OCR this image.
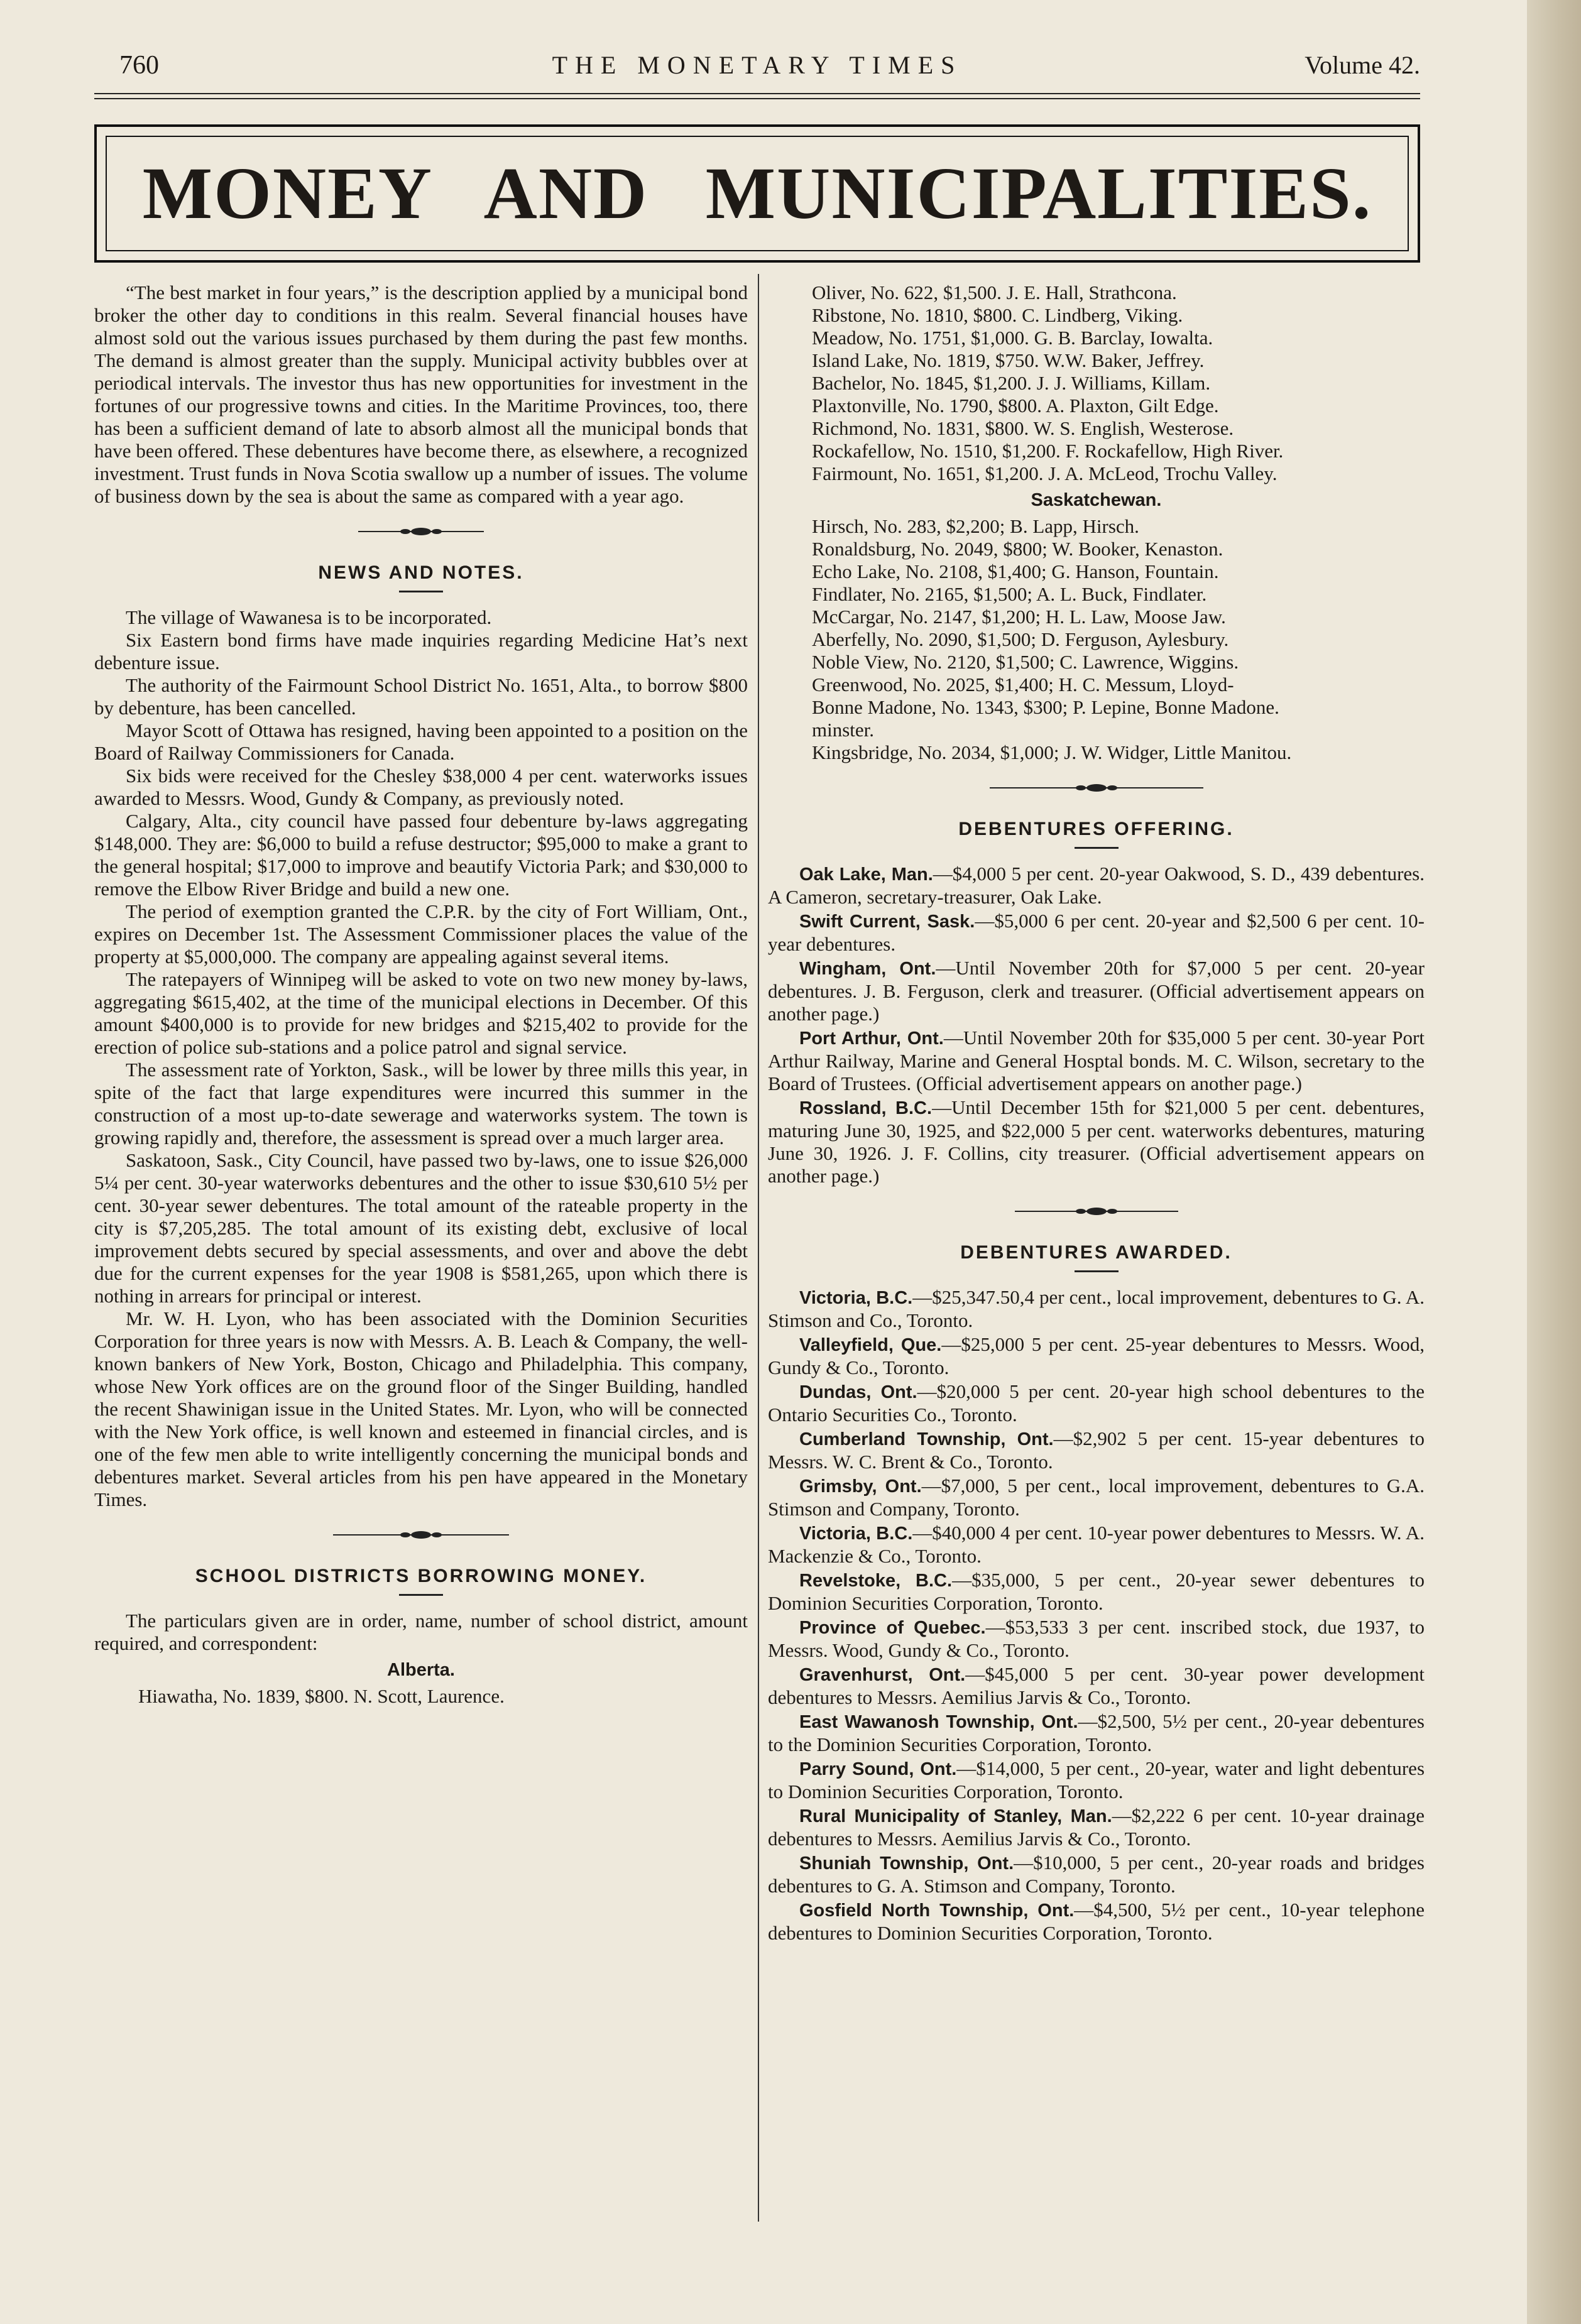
760	THE MONETARY TIMES	Volume 42.
MONEY AND MUNICIPALITIES.

“The best market in four years,” is the description applied by a municipal bond broker the other day to conditions in this realm. Several financial houses have almost sold out the various issues purchased by them during the past few months. The demand is almost greater than the supply. Municipal activity bubbles over at periodical intervals. The investor thus has new opportunities for investment in the fortunes of our progressive towns and cities. In the Maritime Provinces, too, there has been a sufficient demand of late to absorb almost all the municipal bonds that have been offered. These debentures have become there, as elsewhere, a recognized investment. Trust funds in Nova Scotia swallow up a number of issues. The volume of business down by the sea is about the same as compared with a year ago.

NEWS AND NOTES.

The village of Wawanesa is to be incorporated.

Six Eastern bond firms have made inquiries regarding Medicine Hat’s next debenture issue.

The authority of the Fairmount School District No. 1651, Alta., to borrow $800 by debenture, has been cancelled.

Mayor Scott of Ottawa has resigned, having been appointed to a position on the Board of Railway Commissioners for Canada.

Six bids were received for the Chesley $38,000 4 per cent. waterworks issues awarded to Messrs. Wood, Gundy & Company, as previously noted.

Calgary, Alta., city council have passed four debenture by-laws aggregating $148,000. They are: $6,000 to build a refuse destructor; $95,000 to make a grant to the general hospital; $17,000 to improve and beautify Victoria Park; and $30,000 to remove the Elbow River Bridge and build a new one.

The period of exemption granted the C.P.R. by the city of Fort William, Ont., expires on December 1st. The Assessment Commissioner places the value of the property at $5,000,000. The company are appealing against several items.

The ratepayers of Winnipeg will be asked to vote on two new money by-laws, aggregating $615,402, at the time of the municipal elections in December. Of this amount $400,000 is to provide for new bridges and $215,402 to provide for the erection of police sub-stations and a police patrol and signal service.

The assessment rate of Yorkton, Sask., will be lower by three mills this year, in spite of the fact that large expenditures were incurred this summer in the construction of a most up-to-date sewerage and waterworks system. The town is growing rapidly and, therefore, the assessment is spread over a much larger area.

Saskatoon, Sask., City Council, have passed two by-laws, one to issue $26,000 5¼ per cent. 30-year waterworks debentures and the other to issue $30,610 5½ per cent. 30-year sewer debentures. The total amount of the rateable property in the city is $7,205,285. The total amount of its existing debt, exclusive of local improvement debts secured by special assessments, and over and above the debt due for the current expenses for the year 1908 is $581,265, upon which there is nothing in arrears for principal or interest.

Mr. W. H. Lyon, who has been associated with the Dominion Securities Corporation for three years is now with Messrs. A. B. Leach & Company, the well-known bankers of New York, Boston, Chicago and Philadelphia. This company, whose New York offices are on the ground floor of the Singer Building, handled the recent Shawinigan issue in the United States. Mr. Lyon, who will be connected with the New York office, is well known and esteemed in financial circles, and is one of the few men able to write intelligently concerning the municipal bonds and debentures market. Several articles from his pen have appeared in the Monetary Times.

SCHOOL DISTRICTS BORROWING MONEY.

The particulars given are in order, name, number of school district, amount required, and correspondent:

Alberta.

Hiawatha, No. 1839, $800. N. Scott, Laurence.

Oliver, No. 622, $1,500. J. E. Hall, Strathcona.

Ribstone, No. 1810, $800. C. Lindberg, Viking.

Meadow, No. 1751, $1,000. G. B. Barclay, Iowalta.

Island Lake, No. 1819, $750. W.W. Baker, Jeffrey.

Bachelor, No. 1845, $1,200. J. J. Williams, Killam.

Plaxtonville, No. 1790, $800. A. Plaxton, Gilt Edge.

Richmond, No. 1831, $800. W. S. English, Westerose.

Rockafellow, No. 1510, $1,200. F. Rockafellow, High River.

Fairmount, No. 1651, $1,200. J. A. McLeod, Trochu Valley.

Saskatchewan.

Hirsch, No. 283, $2,200; B. Lapp, Hirsch.

Ronaldsburg, No. 2049, $800; W. Booker, Kenaston.

Echo Lake, No. 2108, $1,400; G. Hanson, Fountain.

Findlater, No. 2165, $1,500; A. L. Buck, Findlater.

McCargar, No. 2147, $1,200; H. L. Law, Moose Jaw.

Aberfelly, No. 2090, $1,500; D. Ferguson, Aylesbury.

Noble View, No. 2120, $1,500; C. Lawrence, Wiggins.

Greenwood, No. 2025, $1,400; H. C. Messum, Lloyd-

Bonne Madone, No. 1343, $300; P. Lepine, Bonne Madone.

minster.

Kingsbridge, No. 2034, $1,000; J. W. Widger, Little Manitou.

DEBENTURES OFFERING.

Oak Lake, Man.—$4,000 5 per cent. 20-year Oakwood, S. D., 439 debentures. A Cameron, secretary-treasurer, Oak Lake.

Swift Current, Sask.—$5,000 6 per cent. 20-year and $2,500 6 per cent. 10-year debentures.

Wingham, Ont.—Until November 20th for $7,000 5 per cent. 20-year debentures. J. B. Ferguson, clerk and treasurer. (Official advertisement appears on another page.)

Port Arthur, Ont.—Until November 20th for $35,000 5 per cent. 30-year Port Arthur Railway, Marine and General Hosptal bonds. M. C. Wilson, secretary to the Board of Trustees. (Official advertisement appears on another page.)

Rossland, B.C.—Until December 15th for $21,000 5 per cent. debentures, maturing June 30, 1925, and $22,000 5 per cent. waterworks debentures, maturing June 30, 1926. J. F. Collins, city treasurer. (Official advertisement appears on another page.)

DEBENTURES AWARDED.

Victoria, B.C.—$25,347.50,4 per cent., local improvement, debentures to G. A. Stimson and Co., Toronto.

Valleyfield, Que.—$25,000 5 per cent. 25-year debentures to Messrs. Wood, Gundy & Co., Toronto.

Dundas, Ont.—$20,000 5 per cent. 20-year high school debentures to the Ontario Securities Co., Toronto.

Cumberland Township, Ont.—$2,902 5 per cent. 15-year debentures to Messrs. W. C. Brent & Co., Toronto.

Grimsby, Ont.—$7,000, 5 per cent., local improvement, debentures to G.A. Stimson and Company, Toronto.

Victoria, B.C.—$40,000 4 per cent. 10-year power debentures to Messrs. W. A. Mackenzie & Co., Toronto.

Revelstoke, B.C.—$35,000, 5 per cent., 20-year sewer debentures to Dominion Securities Corporation, Toronto.

Province of Quebec.—$53,533 3 per cent. inscribed stock, due 1937, to Messrs. Wood, Gundy & Co., Toronto.

Gravenhurst, Ont.—$45,000 5 per cent. 30-year power development debentures to Messrs. Aemilius Jarvis & Co., Toronto.

East Wawanosh Township, Ont.—$2,500, 5½ per cent., 20-year debentures to the Dominion Securities Corporation, Toronto.

Parry Sound, Ont.—$14,000, 5 per cent., 20-year, water and light debentures to Dominion Securities Corporation, Toronto.

Rural Municipality of Stanley, Man.—$2,222 6 per cent. 10-year drainage debentures to Messrs. Aemilius Jarvis & Co., Toronto.

Shuniah Township, Ont.—$10,000, 5 per cent., 20-year roads and bridges debentures to G. A. Stimson and Company, Toronto.

Gosfield North Township, Ont.—$4,500, 5½ per cent., 10-year telephone debentures to Dominion Securities Corporation, Toronto.
